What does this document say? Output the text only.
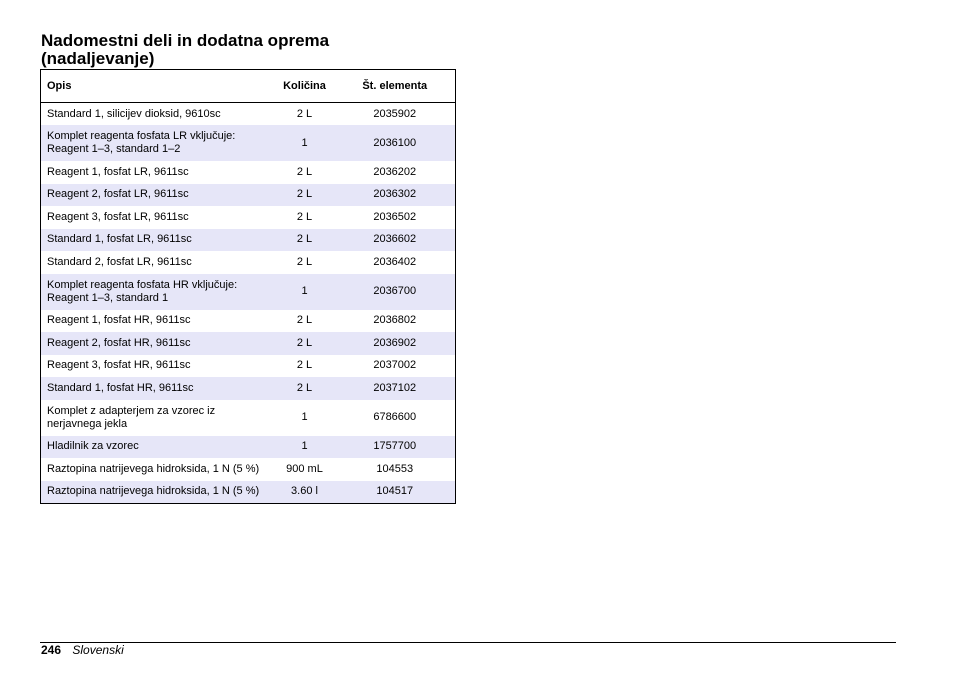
Nadomestni deli in dodatna oprema
(nadaljevanje)
Opis	Količina	Št. elementa
Standard 1, silicijev dioksid, 9610sc	2 L	2035902
Komplet reagenta fosfata LR vključuje:
Reagent 1–3, standard 1–2	1	2036100
Reagent 1, fosfat LR, 9611sc	2 L	2036202
Reagent 2, fosfat LR, 9611sc	2 L	2036302
Reagent 3, fosfat LR, 9611sc	2 L	2036502
Standard 1, fosfat LR, 9611sc	2 L	2036602
Standard 2, fosfat LR, 9611sc	2 L	2036402
Komplet reagenta fosfata HR vključuje:
Reagent 1–3, standard 1	1	2036700
Reagent 1, fosfat HR, 9611sc	2 L	2036802
Reagent 2, fosfat HR, 9611sc	2 L	2036902
Reagent 3, fosfat HR, 9611sc	2 L	2037002
Standard 1, fosfat HR, 9611sc	2 L	2037102
Komplet z adapterjem za vzorec iz
nerjavnega jekla	1	6786600
Hladilnik za vzorec	1	1757700
Raztopina natrijevega hidroksida, 1 N (5 %)	900 mL	104553
Raztopina natrijevega hidroksida, 1 N (5 %)	3.60 l	104517
246 Slovenski
